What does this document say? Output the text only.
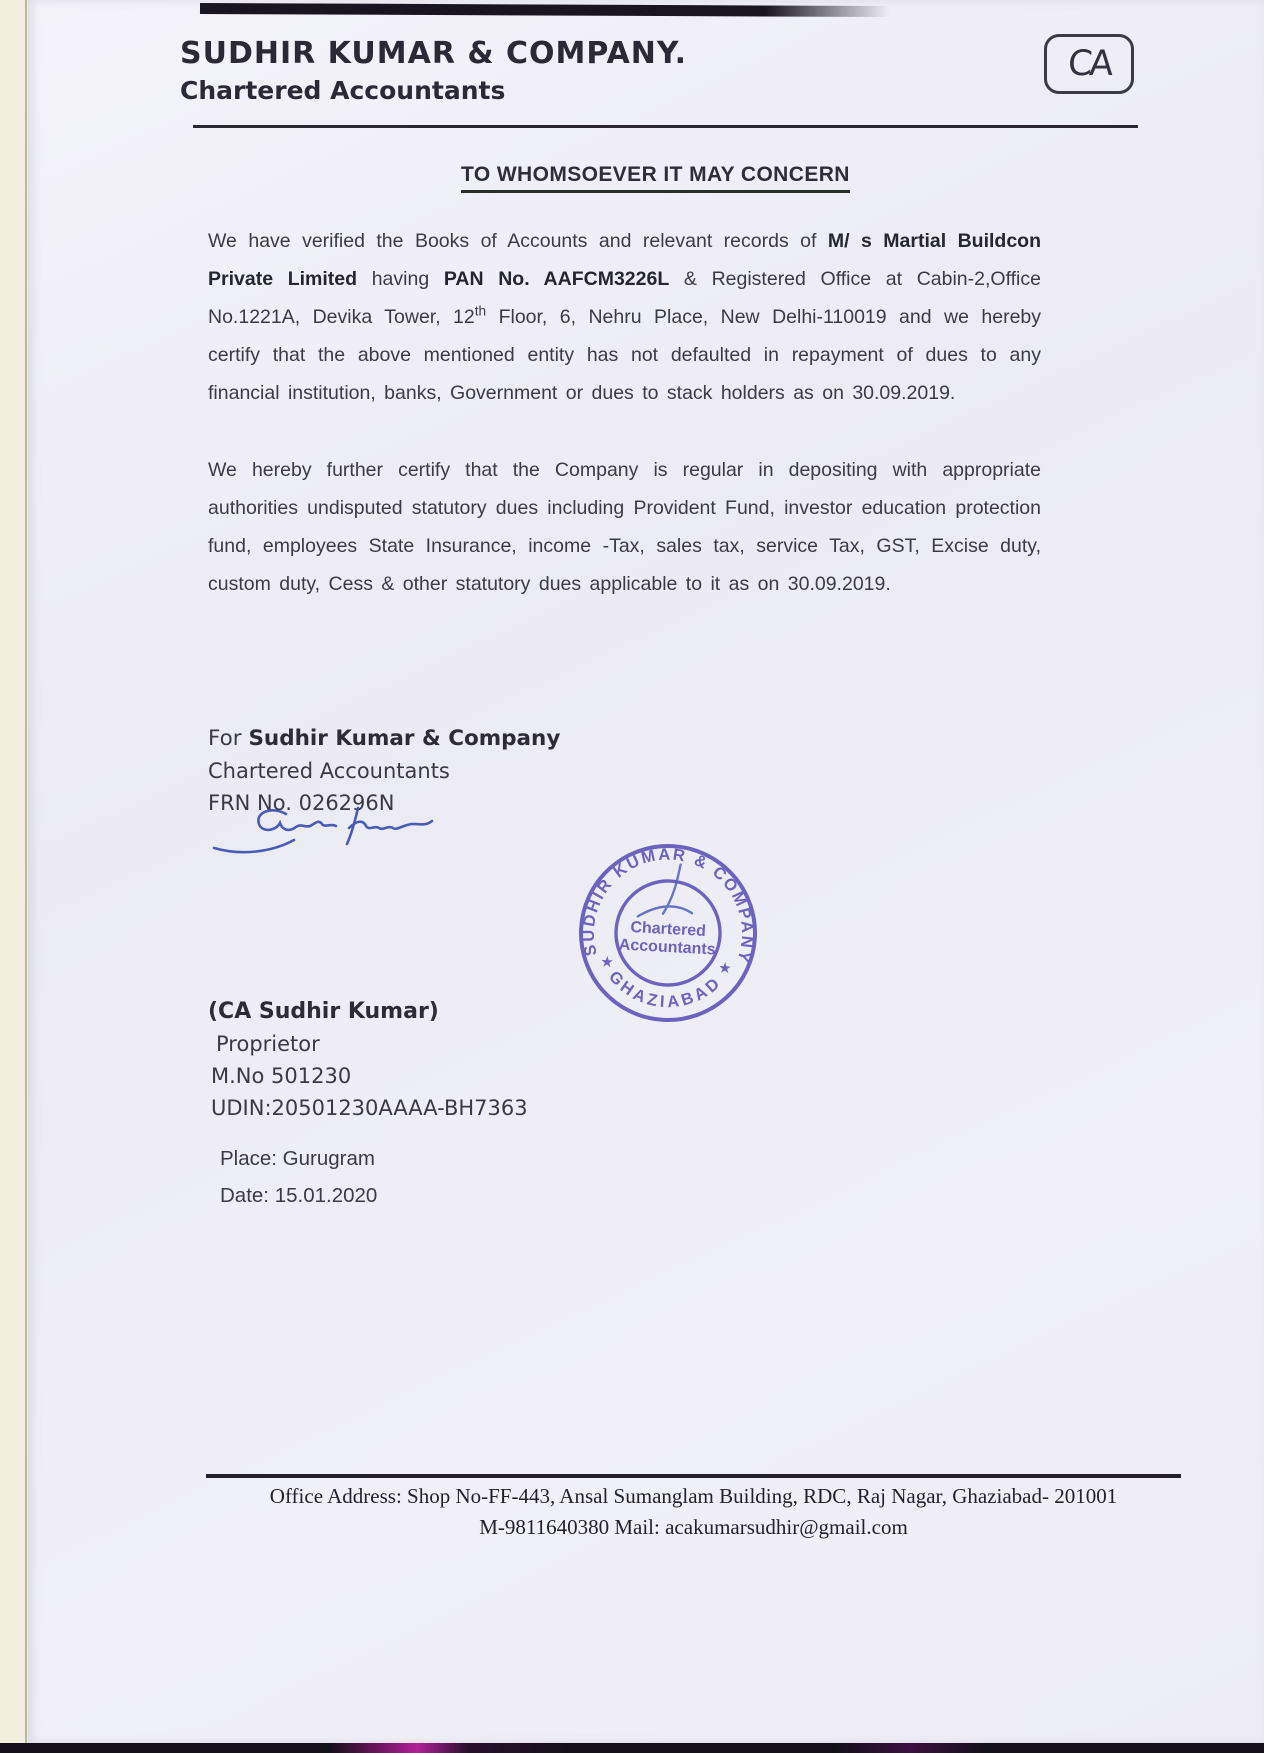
SUDHIR KUMAR & COMPANY.
Chartered Accountants
CA
TO WHOMSOEVER IT MAY CONCERN
We have verified the Books of Accounts and relevant records of M/ s Martial Buildcon Private Limited having PAN No. AAFCM3226L & Registered Office at Cabin-2,Office No.1221A, Devika Tower, 12th Floor, 6, Nehru Place, New Delhi-110019 and we hereby certify that the above mentioned entity has not defaulted in repayment of dues to any financial institution, banks, Government or dues to stack holders as on 30.09.2019.
We hereby further certify that the Company is regular in depositing with appropriate authorities undisputed statutory dues including Provident Fund, investor education protection fund, employees State Insurance, income -Tax, sales tax, service Tax, GST, Excise duty, custom duty, Cess & other statutory dues applicable to it as on 30.09.2019.
For Sudhir Kumar & Company
Chartered Accountants
FRN No. 026296N
SUDHIR KUMAR & COMPANY
GHAZIABAD
★	★
Chartered
Accountants
(CA Sudhir Kumar)
Proprietor
M.No 501230
UDIN:20501230AAAA-BH7363
Place: Gurugram
Date: 15.01.2020
Office Address: Shop No-FF-443, Ansal Sumanglam Building, RDC, Raj Nagar, Ghaziabad- 201001
M-9811640380 Mail: acakumarsudhir@gmail.com
